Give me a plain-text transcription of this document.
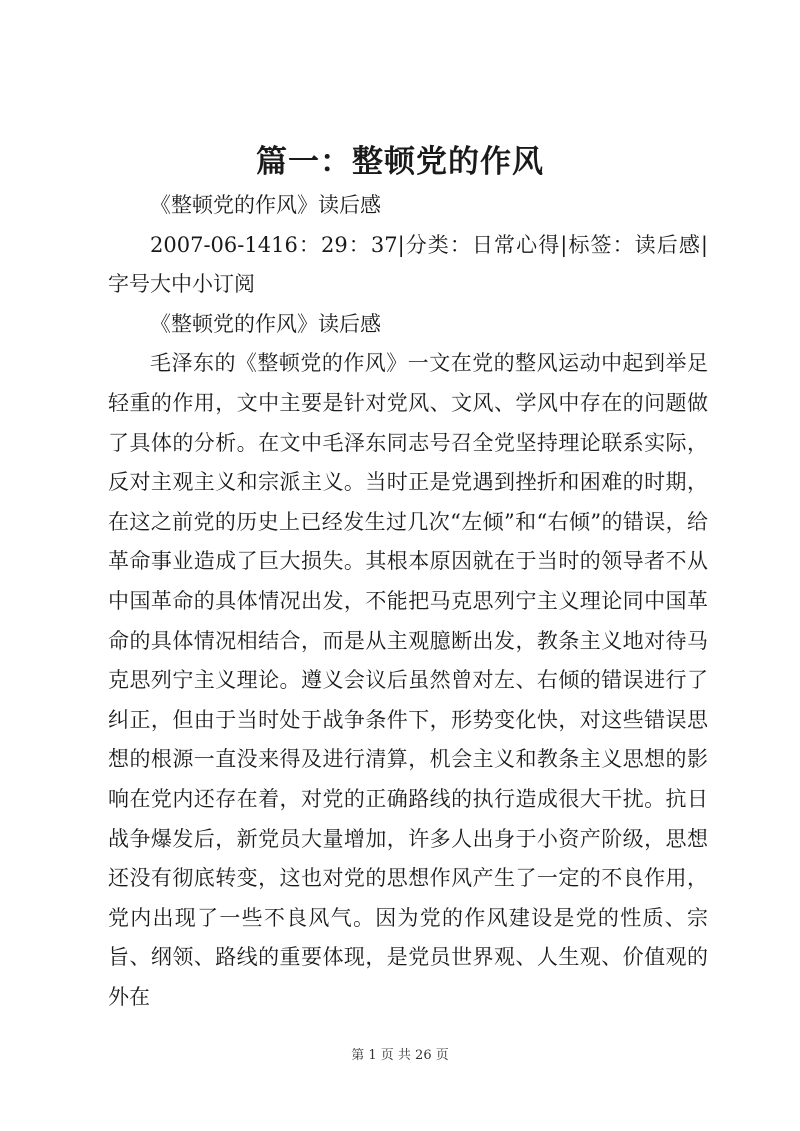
篇一：整顿党的作风

《整顿党的作风》读后感

2007-06-1416：29：37|分类：日常心得|标签：读后感|字号大中小订阅

《整顿党的作风》读后感

毛泽东的《整顿党的作风》一文在党的整风运动中起到举足轻重的作用，文中主要是针对党风、文风、学风中存在的问题做了具体的分析。在文中毛泽东同志号召全党坚持理论联系实际，反对主观主义和宗派主义。当时正是党遇到挫折和困难的时期，在这之前党的历史上已经发生过几次“左倾”和“右倾”的错误，给革命事业造成了巨大损失。其根本原因就在于当时的领导者不从中国革命的具体情况出发，不能把马克思列宁主义理论同中国革命的具体情况相结合，而是从主观臆断出发，教条主义地对待马克思列宁主义理论。遵义会议后虽然曾对左、右倾的错误进行了纠正，但由于当时处于战争条件下，形势变化快，对这些错误思想的根源一直没来得及进行清算，机会主义和教条主义思想的影响在党内还存在着，对党的正确路线的执行造成很大干扰。抗日战争爆发后，新党员大量增加，许多人出身于小资产阶级，思想还没有彻底转变，这也对党的思想作风产生了一定的不良作用，党内出现了一些不良风气。因为党的作风建设是党的性质、宗旨、纲领、路线的重要体现，是党员世界观、人生观、价值观的外在

第 1 页 共 26 页
